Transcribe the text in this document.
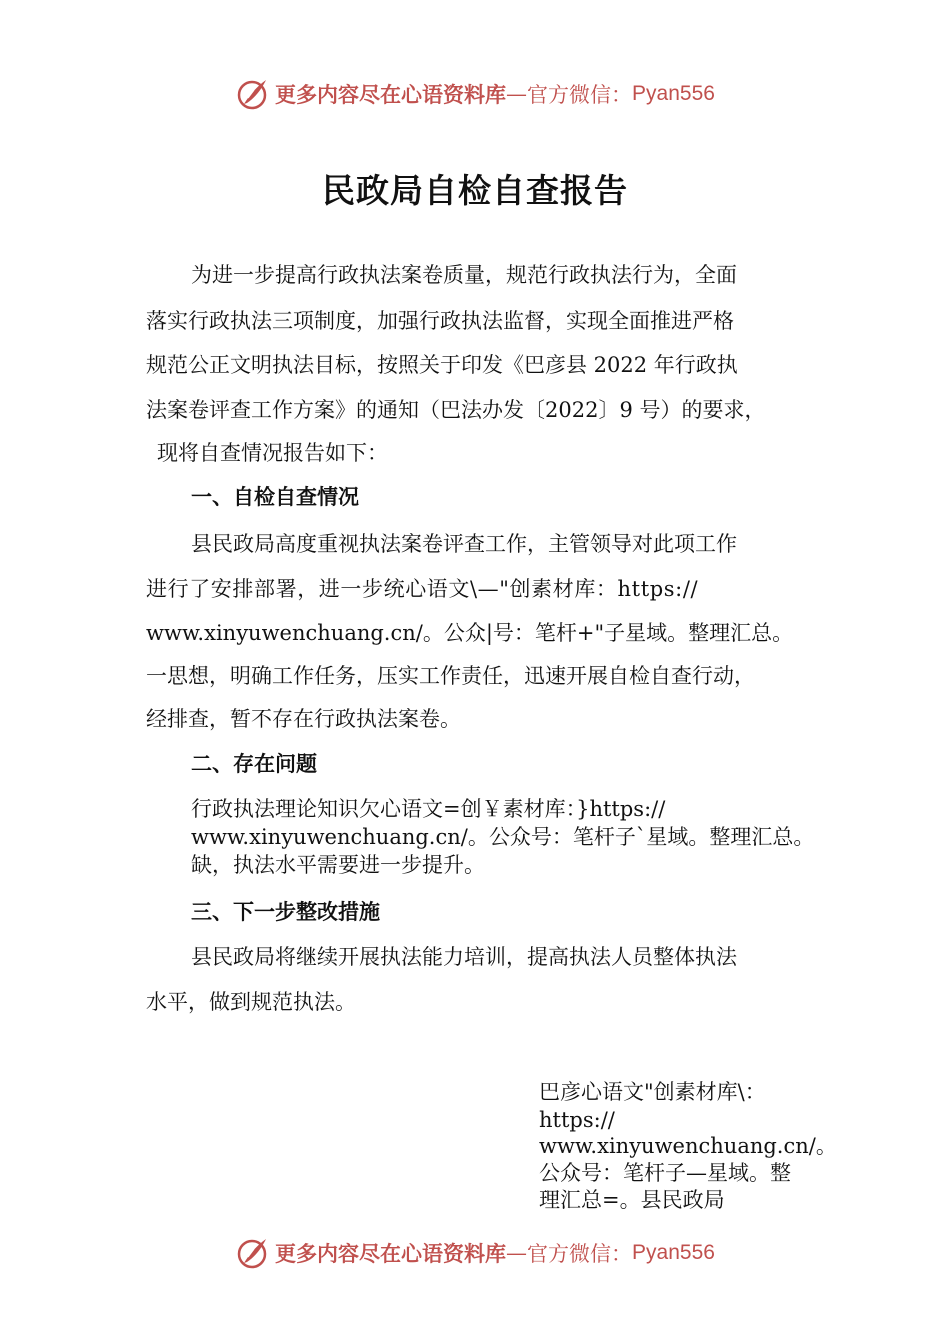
更多内容尽在心语资料库 — 官方微信： Pyan556
民政局自检自查报告
为进一步提高行政执法案卷质量，规范行政执法行为，全面
落实行政执法三项制度，加强行政执法监督，实现全面推进严格
规范公正文明执法目标，按照关于印发《巴彦县 2022 年行政执
法案卷评查工作方案》的通知（巴法办发〔2022〕9 号）的要求，
现将自查情况报告如下：
一、自检自查情况
县民政局高度重视执法案卷评查工作，主管领导对此项工作
进行了安排部署，进一步统心语文\—"创素材库：https://
www.xinyuwenchuang.cn/。公众|号：笔杆+"子星域。整理汇总。
一思想，明确工作任务，压实工作责任，迅速开展自检自查行动，
经排查，暂不存在行政执法案卷。
二、存在问题
行政执法理论知识欠心语文=创￥素材库：}https://
www.xinyuwenchuang.cn/。公众号：笔杆子`星域。整理汇总。
缺，执法水平需要进一步提升。
三、下一步整改措施
县民政局将继续开展执法能力培训，提高执法人员整体执法
水平，做到规范执法。
巴彦心语文"创素材库\：
https://
www.xinyuwenchuang.cn/。
公众号：笔杆子—星域。整
理汇总=。县民政局
更多内容尽在心语资料库 — 官方微信： Pyan556
